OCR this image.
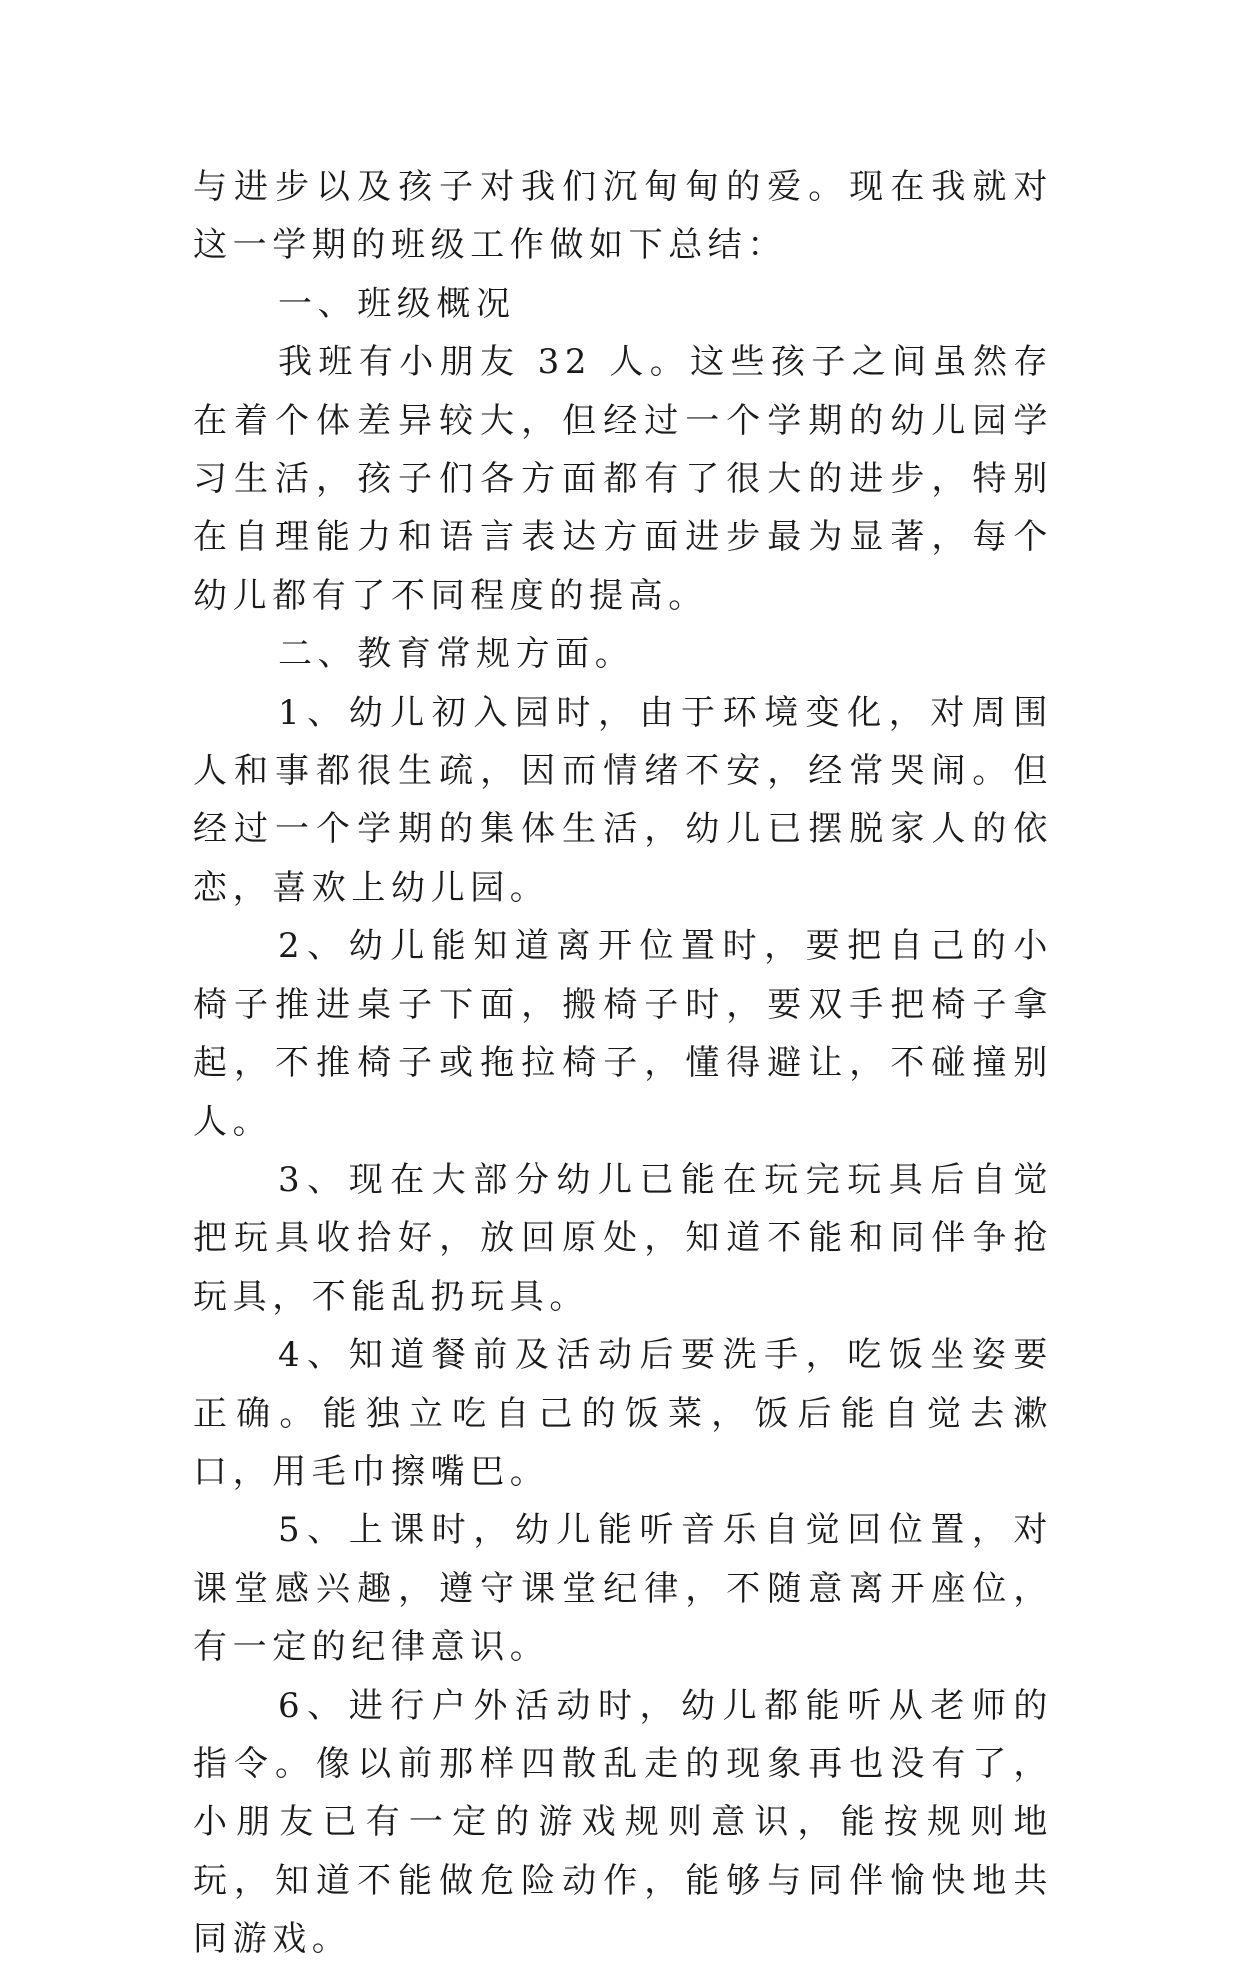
与进步以及孩子对我们沉甸甸的爱。现在我就对这一学期的班级工作做如下总结：

一、班级概况

我班有小朋友 32 人。这些孩子之间虽然存在着个体差异较大，但经过一个学期的幼儿园学习生活，孩子们各方面都有了很大的进步，特别在自理能力和语言表达方面进步最为显著，每个幼儿都有了不同程度的提高。

二、教育常规方面。

1、幼儿初入园时，由于环境变化，对周围人和事都很生疏，因而情绪不安，经常哭闹。但经过一个学期的集体生活，幼儿已摆脱家人的依恋，喜欢上幼儿园。

2、幼儿能知道离开位置时，要把自己的小椅子推进桌子下面，搬椅子时，要双手把椅子拿起，不推椅子或拖拉椅子，懂得避让，不碰撞别人。

3、现在大部分幼儿已能在玩完玩具后自觉把玩具收拾好，放回原处，知道不能和同伴争抢玩具，不能乱扔玩具。

4、知道餐前及活动后要洗手，吃饭坐姿要正确。能独立吃自己的饭菜，饭后能自觉去漱口，用毛巾擦嘴巴。

5、上课时，幼儿能听音乐自觉回位置，对课堂感兴趣，遵守课堂纪律，不随意离开座位，有一定的纪律意识。

6、进行户外活动时，幼儿都能听从老师的指令。像以前那样四散乱走的现象再也没有了，小朋友已有一定的游戏规则意识，能按规则地玩，知道不能做危险动作，能够与同伴愉快地共同游戏。
